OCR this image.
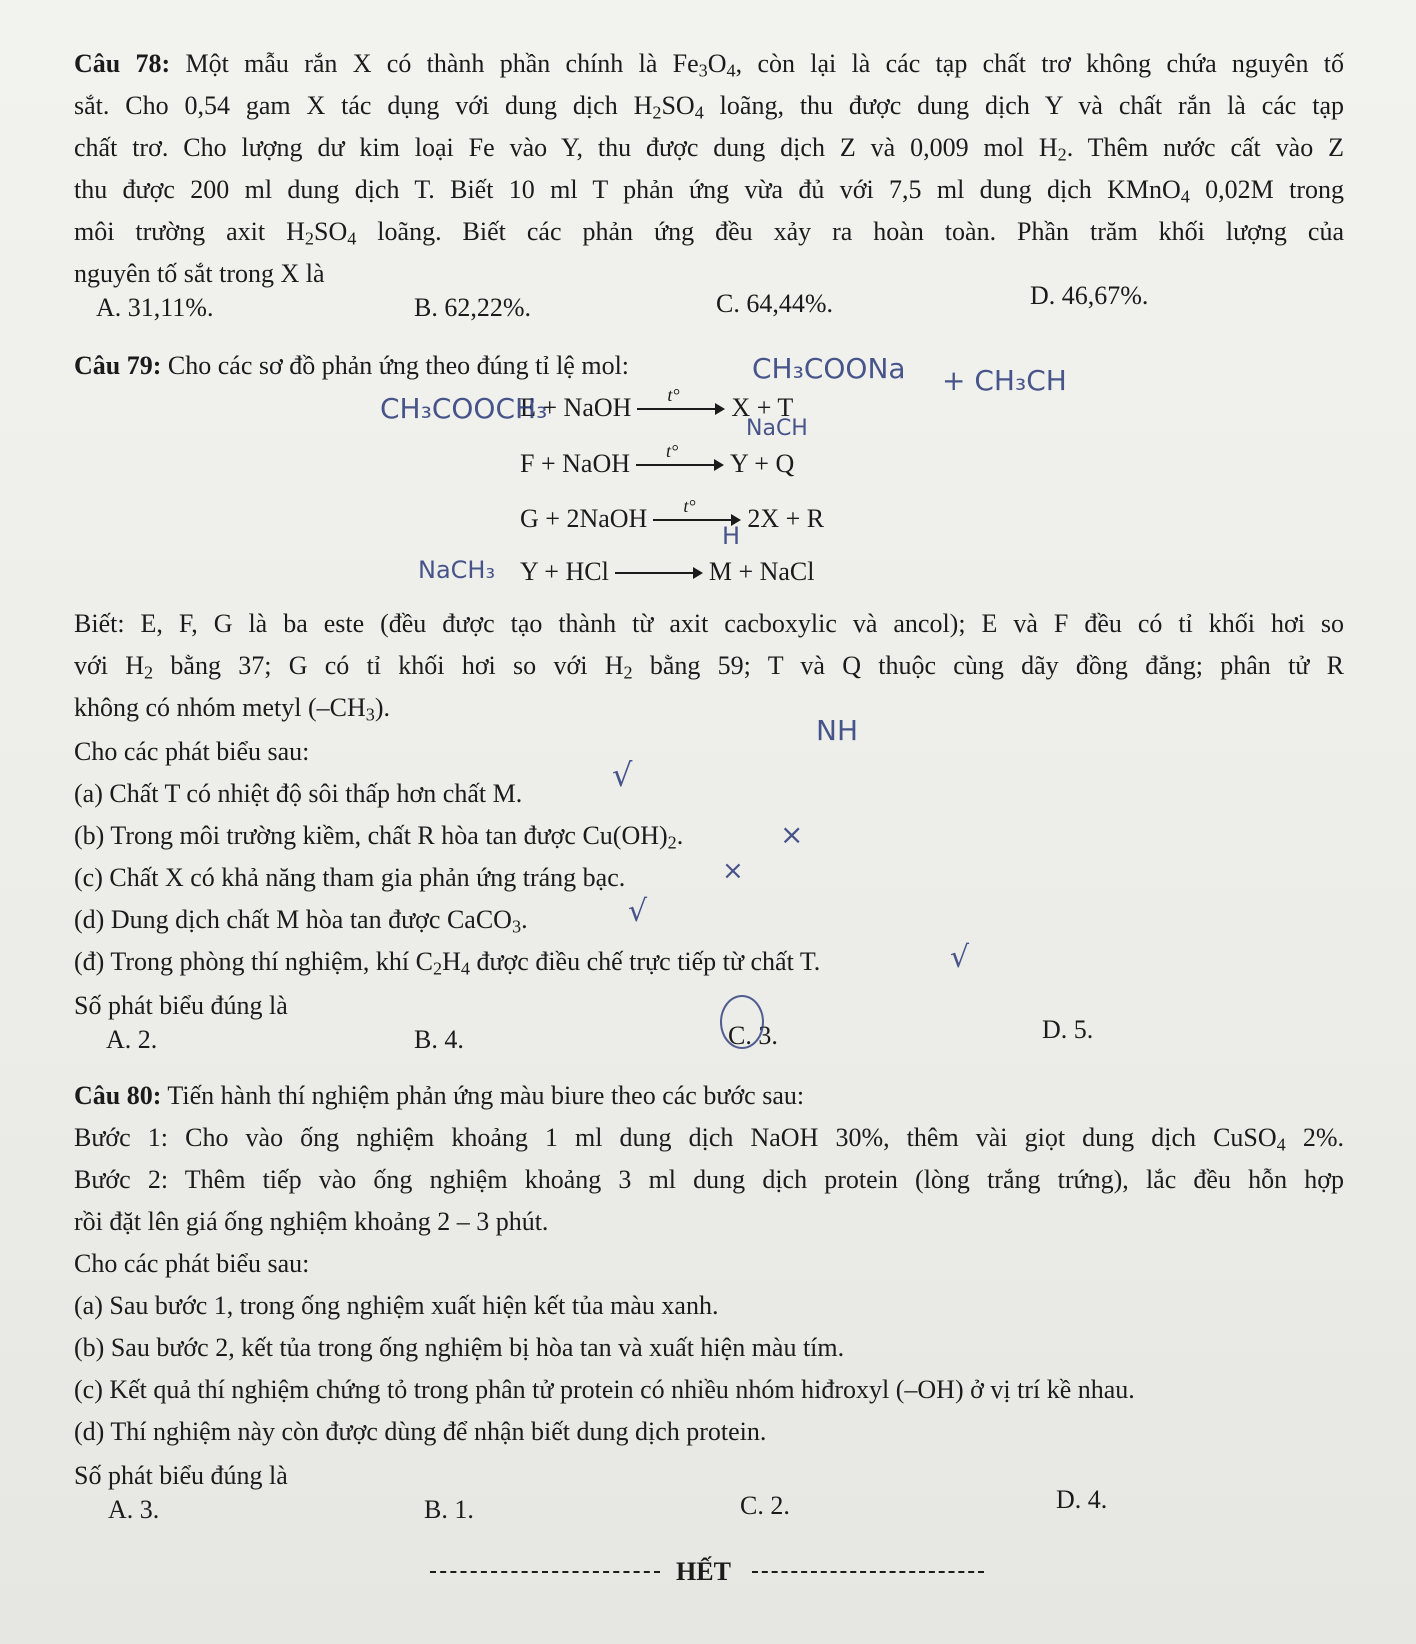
Câu 78: Một mẫu rắn X có thành phần chính là $Fe_3O_4$, còn lại là các tạp chất trơ không chứa nguyên tố
sắt. Cho 0,54 gam X tác dụng với dung dịch $H_2SO_4$ loãng, thu được dung dịch Y và chất rắn là các tạp
chất trơ. Cho lượng dư kim loại Fe vào Y, thu được dung dịch Z và 0,009 mol $H_2$. Thêm nước cất vào Z
thu được 200 ml dung dịch T. Biết 10 ml T phản ứng vừa đủ với 7,5 ml dung dịch KMnO$_4$ 0,02M trong
môi trường axit $H_2SO_4$ loãng. Biết các phản ứng đều xảy ra hoàn toàn. Phần trăm khối lượng của
nguyên tố sắt trong X là
A. 31,11%.	B. 62,22%.	C. 64,44%.	D. 46,67%.
Câu 79: Cho các sơ đồ phản ứng theo đúng tỉ lệ mol:
E + NaOH t° X + T
F + NaOH t° Y + Q
G + 2NaOH t° 2X + R
Y + HCl	M + NaCl
Biết: E, F, G là ba este (đều được tạo thành từ axit cacboxylic và ancol); E và F đều có tỉ khối hơi so
với $H_2$ bằng 37; G có tỉ khối hơi so với $H_2$ bằng 59; T và Q thuộc cùng dãy đồng đẳng; phân tử R
không có nhóm metyl $(-CH_3)$.
Cho các phát biểu sau:
(a) Chất T có nhiệt độ sôi thấp hơn chất M.
(b) Trong môi trường kiềm, chất R hòa tan được $Cu(OH)_2$.
(c) Chất X có khả năng tham gia phản ứng tráng bạc.
(d) Dung dịch chất M hòa tan được CaCO$_3$.
(đ) Trong phòng thí nghiệm, khí $C_2H_4$ được điều chế trực tiếp từ chất T.
Số phát biểu đúng là
A. 2.	B. 4.	C. 3.	D. 5.
Câu 80: Tiến hành thí nghiệm phản ứng màu biure theo các bước sau:
Bước 1: Cho vào ống nghiệm khoảng 1 ml dung dịch NaOH 30%, thêm vài giọt dung dịch CuSO$_4$ 2%.
Bước 2: Thêm tiếp vào ống nghiệm khoảng 3 ml dung dịch protein (lòng trắng trứng), lắc đều hỗn hợp
rồi đặt lên giá ống nghiệm khoảng 2 – 3 phút.
Cho các phát biểu sau:
(a) Sau bước 1, trong ống nghiệm xuất hiện kết tủa màu xanh.
(b) Sau bước 2, kết tủa trong ống nghiệm bị hòa tan và xuất hiện màu tím.
(c) Kết quả thí nghiệm chứng tỏ trong phân tử protein có nhiều nhóm hiđroxyl (–OH) ở vị trí kề nhau.
(d) Thí nghiệm này còn được dùng để nhận biết dung dịch protein.
Số phát biểu đúng là
A. 3.	B. 1.	C. 2.	D. 4.
HẾT
CH₃COOCH₃
CH₃COONa + CH₃CH
NaCH
H
NaCH₃
NH
√
×
×
√
√
